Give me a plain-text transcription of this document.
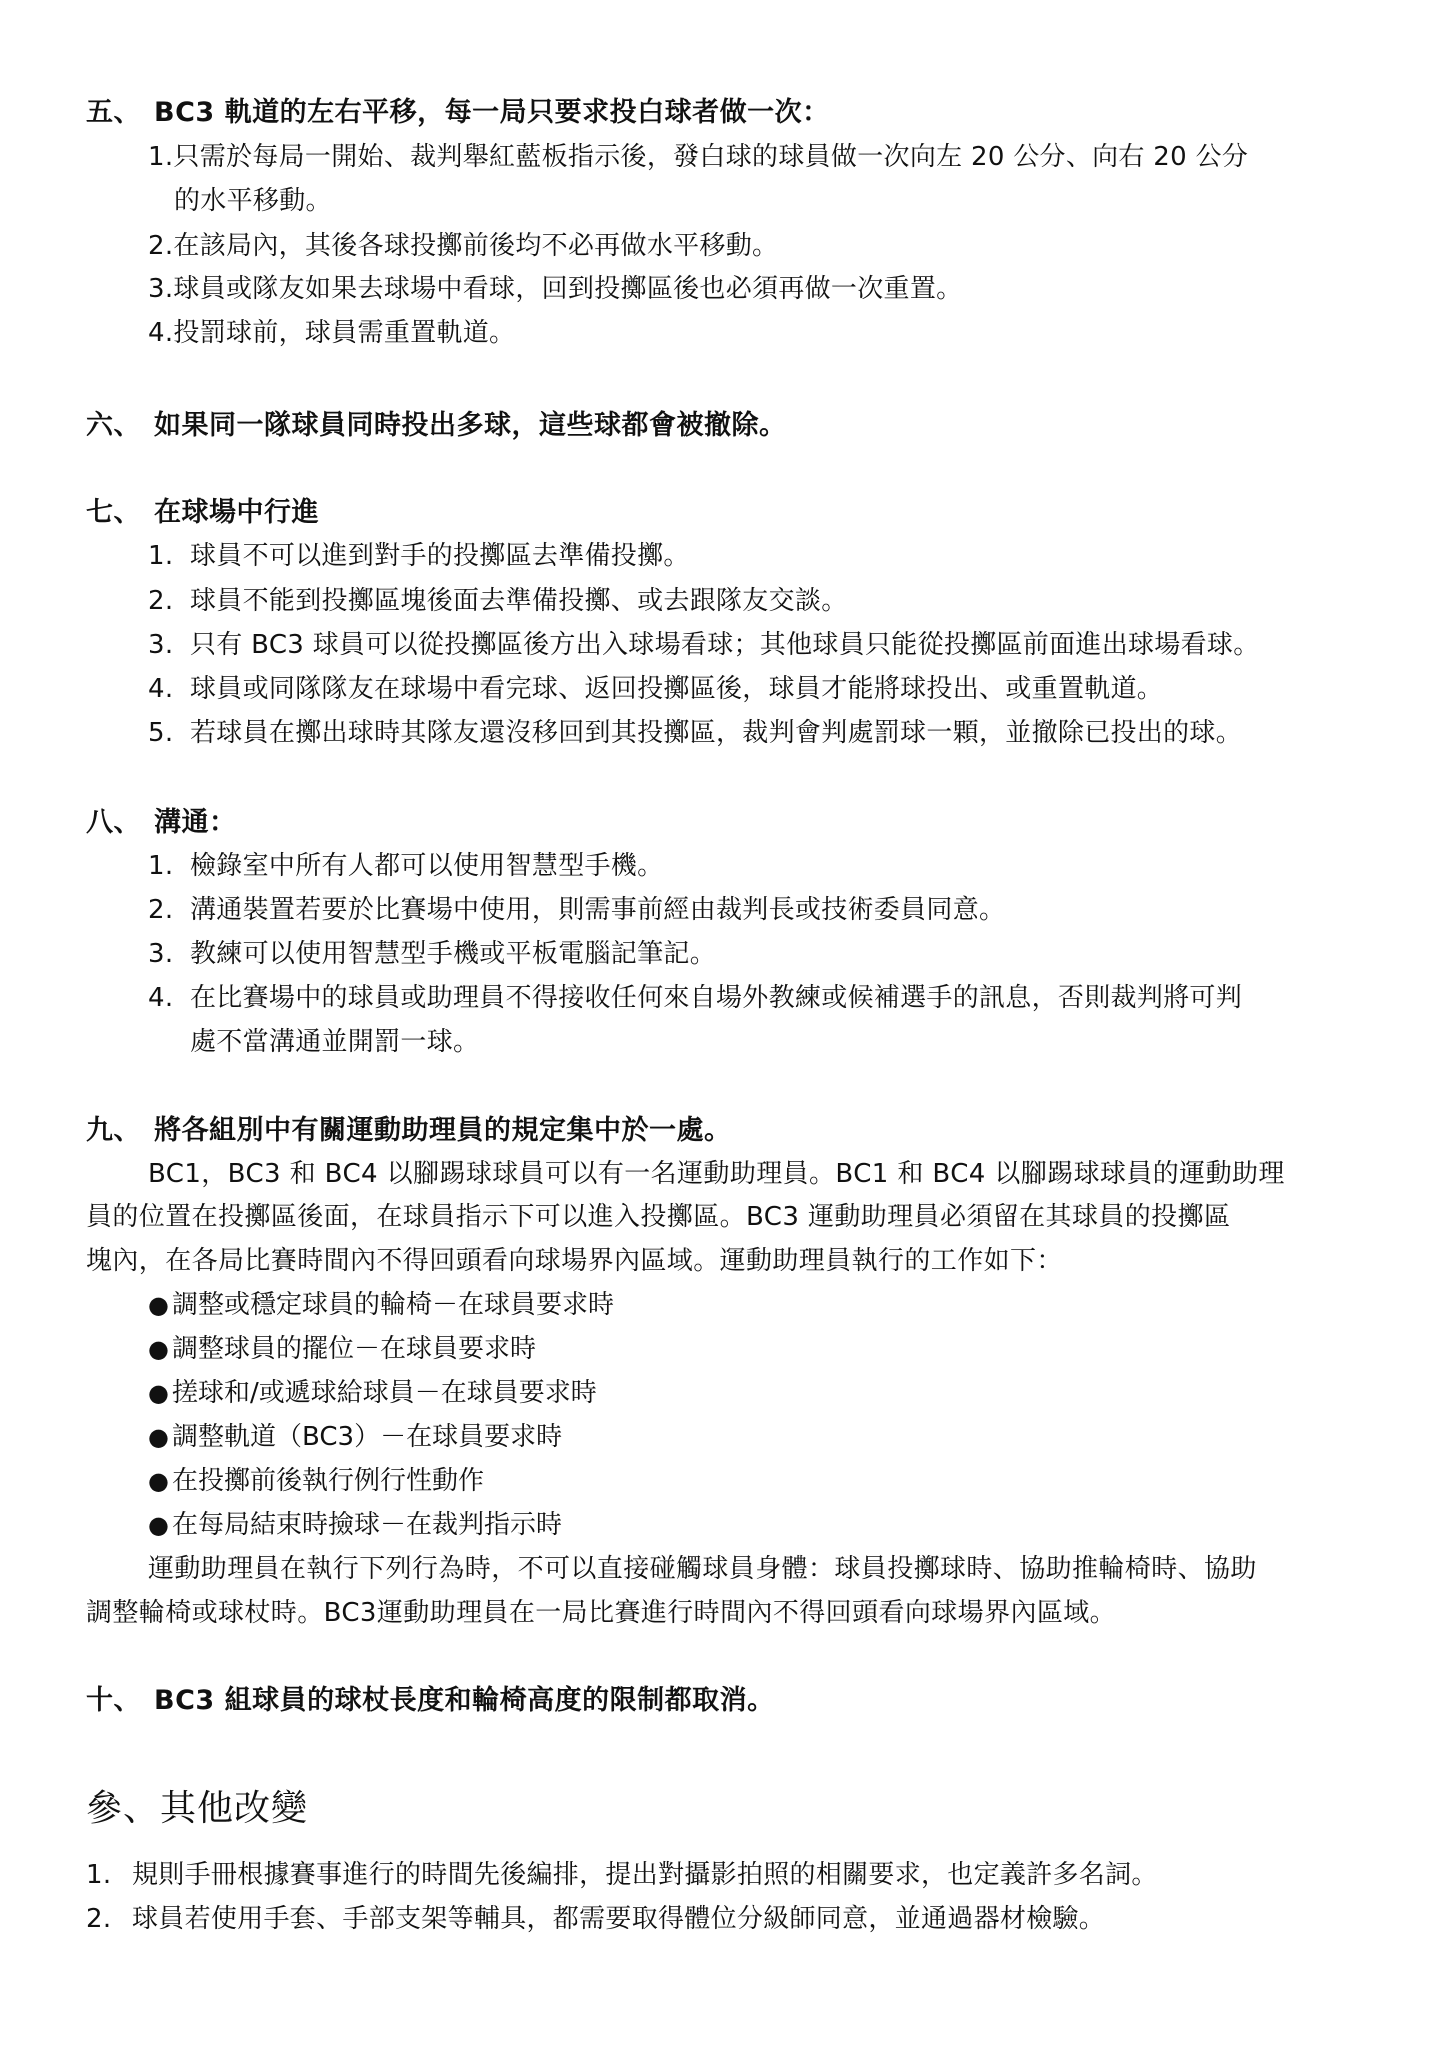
五、 BC3 軌道的左右平移，每一局只要求投白球者做一次：
1.只需於每局一開始、裁判舉紅藍板指示後，發白球的球員做一次向左 20 公分、向右 20 公分
的水平移動。
2.在該局內，其後各球投擲前後均不必再做水平移動。
3.球員或隊友如果去球場中看球，回到投擲區後也必須再做一次重置。
4.投罰球前，球員需重置軌道。
六、 如果同一隊球員同時投出多球，這些球都會被撤除。
七、 在球場中行進
1. 球員不可以進到對手的投擲區去準備投擲。
2. 球員不能到投擲區塊後面去準備投擲、或去跟隊友交談。
3. 只有 BC3 球員可以從投擲區後方出入球場看球；其他球員只能從投擲區前面進出球場看球。
4. 球員或同隊隊友在球場中看完球、返回投擲區後，球員才能將球投出、或重置軌道。
5. 若球員在擲出球時其隊友還沒移回到其投擲區，裁判會判處罰球一顆，並撤除已投出的球。
八、 溝通：
1. 檢錄室中所有人都可以使用智慧型手機。
2. 溝通裝置若要於比賽場中使用，則需事前經由裁判長或技術委員同意。
3. 教練可以使用智慧型手機或平板電腦記筆記。
4. 在比賽場中的球員或助理員不得接收任何來自場外教練或候補選手的訊息，否則裁判將可判
處不當溝通並開罰一球。
九、 將各組別中有關運動助理員的規定集中於一處。
BC1，BC3 和 BC4 以腳踢球球員可以有一名運動助理員。BC1 和 BC4 以腳踢球球員的運動助理
員的位置在投擲區後面，在球員指示下可以進入投擲區。BC3 運動助理員必須留在其球員的投擲區
塊內，在各局比賽時間內不得回頭看向球場界內區域。運動助理員執行的工作如下：
● 調整或穩定球員的輪椅－在球員要求時
● 調整球員的擺位－在球員要求時
● 搓球和/或遞球給球員－在球員要求時
● 調整軌道（BC3）－在球員要求時
● 在投擲前後執行例行性動作
● 在每局結束時撿球－在裁判指示時
運動助理員在執行下列行為時，不可以直接碰觸球員身體：球員投擲球時、協助推輪椅時、協助
調整輪椅或球杖時。BC3運動助理員在一局比賽進行時間內不得回頭看向球場界內區域。
十、 BC3 組球員的球杖長度和輪椅高度的限制都取消。
參、其他改變
1. 規則手冊根據賽事進行的時間先後編排，提出對攝影拍照的相關要求，也定義許多名詞。
2. 球員若使用手套、手部支架等輔具，都需要取得體位分級師同意，並通過器材檢驗。
